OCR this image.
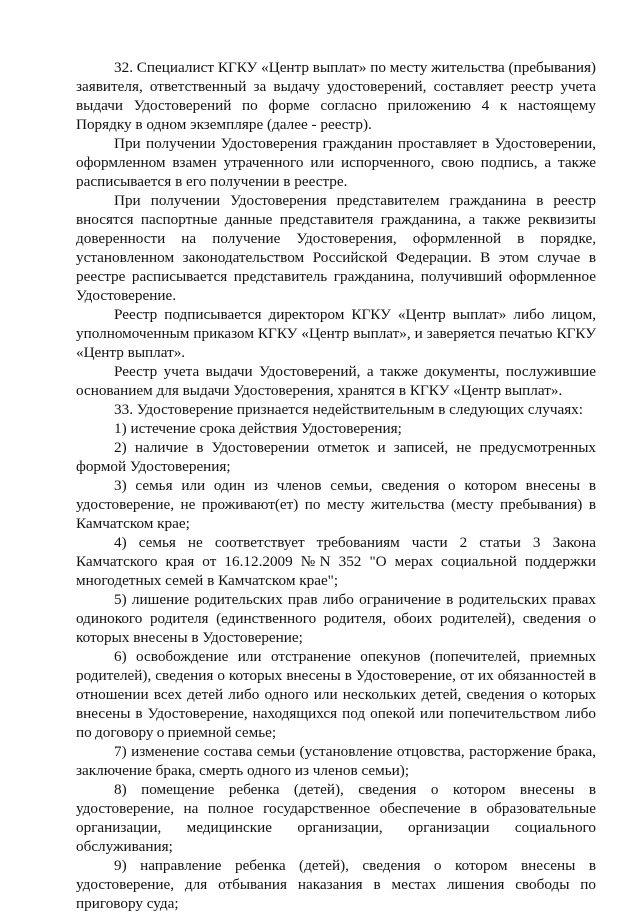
32. Специалист КГКУ «Центр выплат» по месту жительства (пребывания) заявителя, ответственный за выдачу удостоверений, составляет реестр учета выдачи Удостоверений по форме согласно приложению 4 к настоящему Порядку в одном экземпляре (далее - реестр).

При получении Удостоверения гражданин проставляет в Удостоверении, оформленном взамен утраченного или испорченного, свою подпись, а также расписывается в его получении в реестре.

При получении Удостоверения представителем гражданина в реестр вносятся паспортные данные представителя гражданина, а также реквизиты доверенности на получение Удостоверения, оформленной в порядке, установленном законодательством Российской Федерации. В этом случае в реестре расписывается представитель гражданина, получивший оформленное Удостоверение.

Реестр подписывается директором КГКУ «Центр выплат» либо лицом, уполномоченным приказом КГКУ «Центр выплат», и заверяется печатью КГКУ «Центр выплат».

Реестр учета выдачи Удостоверений, а также документы, послужившие основанием для выдачи Удостоверения, хранятся в КГКУ «Центр выплат».

33. Удостоверение признается недействительным в следующих случаях:

1) истечение срока действия Удостоверения;

2) наличие в Удостоверении отметок и записей, не предусмотренных формой Удостоверения;

3) семья или один из членов семьи, сведения о котором внесены в удостоверение, не проживают(ет) по месту жительства (месту пребывания) в Камчатском крае;

4) семья не соответствует требованиям части 2 статьи 3 Закона Камчатского края от 16.12.2009 №N 352 "О мерах социальной поддержки многодетных семей в Камчатском крае";

5) лишение родительских прав либо ограничение в родительских правах одинокого родителя (единственного родителя, обоих родителей), сведения о которых внесены в Удостоверение;

6) освобождение или отстранение опекунов (попечителей, приемных родителей), сведения о которых внесены в Удостоверение, от их обязанностей в отношении всех детей либо одного или нескольких детей, сведения о которых внесены в Удостоверение, находящихся под опекой или попечительством либо по договору о приемной семье;

7) изменение состава семьи (установление отцовства, расторжение брака, заключение брака, смерть одного из членов семьи);

8) помещение ребенка (детей), сведения о котором внесены в удостоверение, на полное государственное обеспечение в образовательные организации, медицинские организации, организации социального обслуживания;

9) направление ребенка (детей), сведения о котором внесены в удостоверение, для отбывания наказания в местах лишения свободы по приговору суда;
